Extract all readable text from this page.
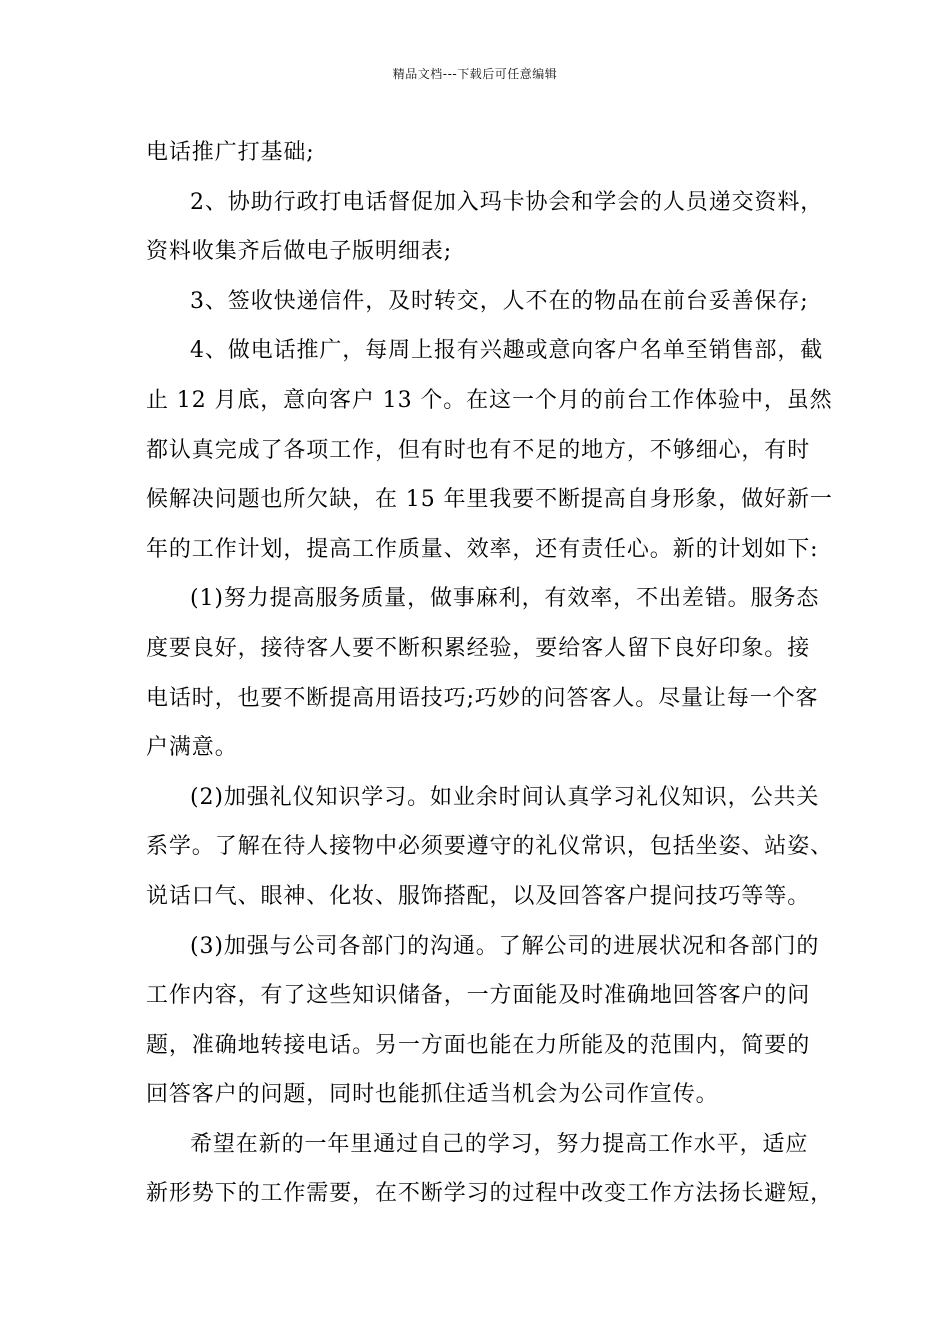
精品文档---下载后可任意编辑
电话推广打基础;
2、协助行政打电话督促加入玛卡协会和学会的人员递交资料，
资料收集齐后做电子版明细表;
3、签收快递信件，及时转交，人不在的物品在前台妥善保存;
4、做电话推广，每周上报有兴趣或意向客户名单至销售部，截
止 12 月底，意向客户 13 个。在这一个月的前台工作体验中，虽然
都认真完成了各项工作，但有时也有不足的地方，不够细心，有时
候解决问题也所欠缺，在 15 年里我要不断提高自身形象，做好新一
年的工作计划，提高工作质量、效率，还有责任心。新的计划如下:
(1)努力提高服务质量，做事麻利，有效率，不出差错。服务态
度要良好，接待客人要不断积累经验，要给客人留下良好印象。接
电话时，也要不断提高用语技巧;巧妙的问答客人。尽量让每一个客
户满意。
(2)加强礼仪知识学习。如业余时间认真学习礼仪知识，公共关
系学。了解在待人接物中必须要遵守的礼仪常识，包括坐姿、站姿、
说话口气、眼神、化妆、服饰搭配，以及回答客户提问技巧等等。
(3)加强与公司各部门的沟通。了解公司的进展状况和各部门的
工作内容，有了这些知识储备，一方面能及时准确地回答客户的问
题，准确地转接电话。另一方面也能在力所能及的范围内，简要的
回答客户的问题，同时也能抓住适当机会为公司作宣传。
希望在新的一年里通过自己的学习，努力提高工作水平，适应
新形势下的工作需要，在不断学习的过程中改变工作方法扬长避短，
